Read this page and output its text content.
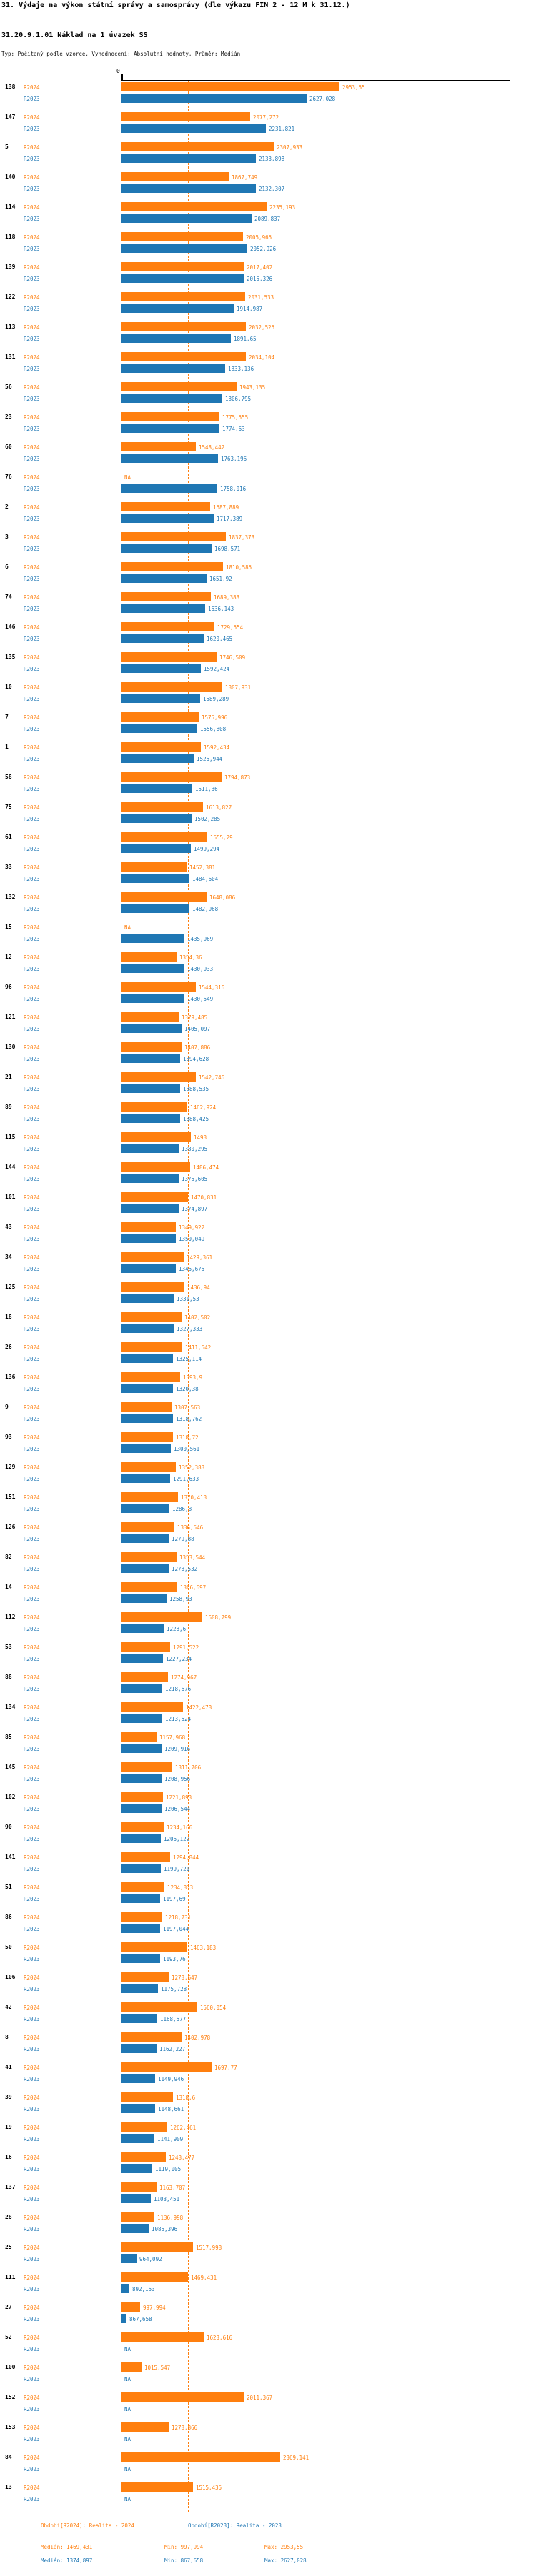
31. Výdaje na výkon státní správy a samosprávy (dle výkazu FIN 2 - 12 M k 31.12.)
31.20.9.1.01 Náklad na 1 úvazek SS
Typ: Počítaný podle vzorce, Vyhodnocení: Absolutní hodnoty, Průměr: Medián
0
138 R2024
R2023
2953,55
2627,028
147 R2024
R2023
2077,272
2231,821
5	R2024
R2023
2307,933
2133,898
140 R2024
R2023
1867,749
2132,307
114 R2024
R2023
2235,193
2089,837
118 R2024
R2023
2005,965
2052,926
139 R2024
R2023
2017,402
2015,326
122 R2024
R2023
2031,533
1914,987
113 R2024
R2023
2032,525
1891,65
131 R2024
R2023
2034,104
1833,136
56 R2024
R2023
1943,135
1806,795
23 R2024
R2023
1775,555
1774,63
60 R2024
R2023
1548,442
1763,196
76 R2024
R2023
NA
1758,016
2	R2024
R2023
1687,889
1717,389
3	R2024
R2023
1837,373
1698,571
6	R2024
R2023
1810,585
1651,92
74 R2024
R2023
1689,383
1636,143
146 R2024
R2023
1729,554
1620,465
135 R2024
R2023
1746,509
1592,424
10 R2024
R2023
1807,931
1589,289
7	R2024
R2023
1575,996
1556,808
1	R2024
R2023
1592,434
1526,944
58 R2024
R2023
1794,873
1511,36
75 R2024
R2023
1613,827
1502,285
61 R2024
R2023
1655,29
1499,294
33 R2024
R2023
1452,381
1484,604
132 R2024
R2023
1648,086
1482,968
15 R2024
R2023
NA
1435,969
12 R2024
R2023
1354,36
1430,933
96 R2024
R2023
1544,316
1430,549
121 R2024
R2023
1379,485
1405,097
130 R2024
R2023
1407,886
1394,628
21 R2024
R2023
1542,746
1388,535
89 R2024
R2023
1462,924
1388,425
115 R2024
R2023
1498
1380,295
144 R2024
R2023
1486,474
1375,605
101 R2024
R2023
1470,831
1374,897
43 R2024
R2023
1349,922
1350,049
34 R2024
R2023
1429,361
1346,675
125 R2024
R2023
1436,94
1331,53
18 R2024
R2023
1402,502
1327,333
26 R2024
R2023
1411,542
1325,114
136 R2024
R2023
1393,9
1320,38
9	R2024
R2023
1307,563
1318,762
93 R2024
R2023
1318,72
1300,561
129 R2024
R2023
1352,383
1291,633
151 R2024
R2023
1370,413
1286,8
126 R2024
R2023
1336,546
1279,88
82 R2024
R2023
1353,544
1278,532
14 R2024
R2023
1366,697
1258,93
112 R2024
R2023
1608,799
1228,6
53 R2024
R2023
1291,522
1227,234
88 R2024
R2023
1274,967
1218,676
134 R2024
R2023
1422,478
1213,524
85 R2024
R2023
1157,968
1209,916
145 R2024
R2023
1311,706
1208,956
102 R2024
R2023
1221,893
1206,544
90 R2024
R2023
1234,166
1206,122
141 R2024
R2023
1294,844
1199,721
51 R2024
R2023
1234,833
1197,69
86 R2024
R2023
1218,731
1197,044
50 R2024
R2023
1463,183
1193,76
106 R2024
R2023
1278,647
1175,728
42 R2024
R2023
1560,054
1168,577
8	R2024
R2023
1402,978
1162,227
41 R2024
R2023
1697,77
1149,946
39 R2024
R2023
1318,6
1148,661
19 R2024
R2023
1262,461
1141,909
16 R2024
R2023
1248,477
1119,005
137 R2024
R2023
1163,707
1103,451
28 R2024
R2023
1136,998
1085,396
25 R2024
R2023
1517,998
964,092
111 R2024
R2023
1469,431
892,153
27 R2024
R2023
997,994
867,658
52 R2024
R2023
1623,616
NA
100 R2024
R2023
1015,547
NA
152 R2024
R2023
2011,367
NA
153 R2024
R2023
1278,866
NA
84 R2024
R2023
2369,141
NA
13 R2024
R2023
1515,435
NA
Období[R2024]: Realita - 2024	Období[R2023]: Realita - 2023
Medián: 1469,431	Min: 997,994	Max: 2953,55
Medián: 1374,897	Min: 867,658	Max: 2627,028
